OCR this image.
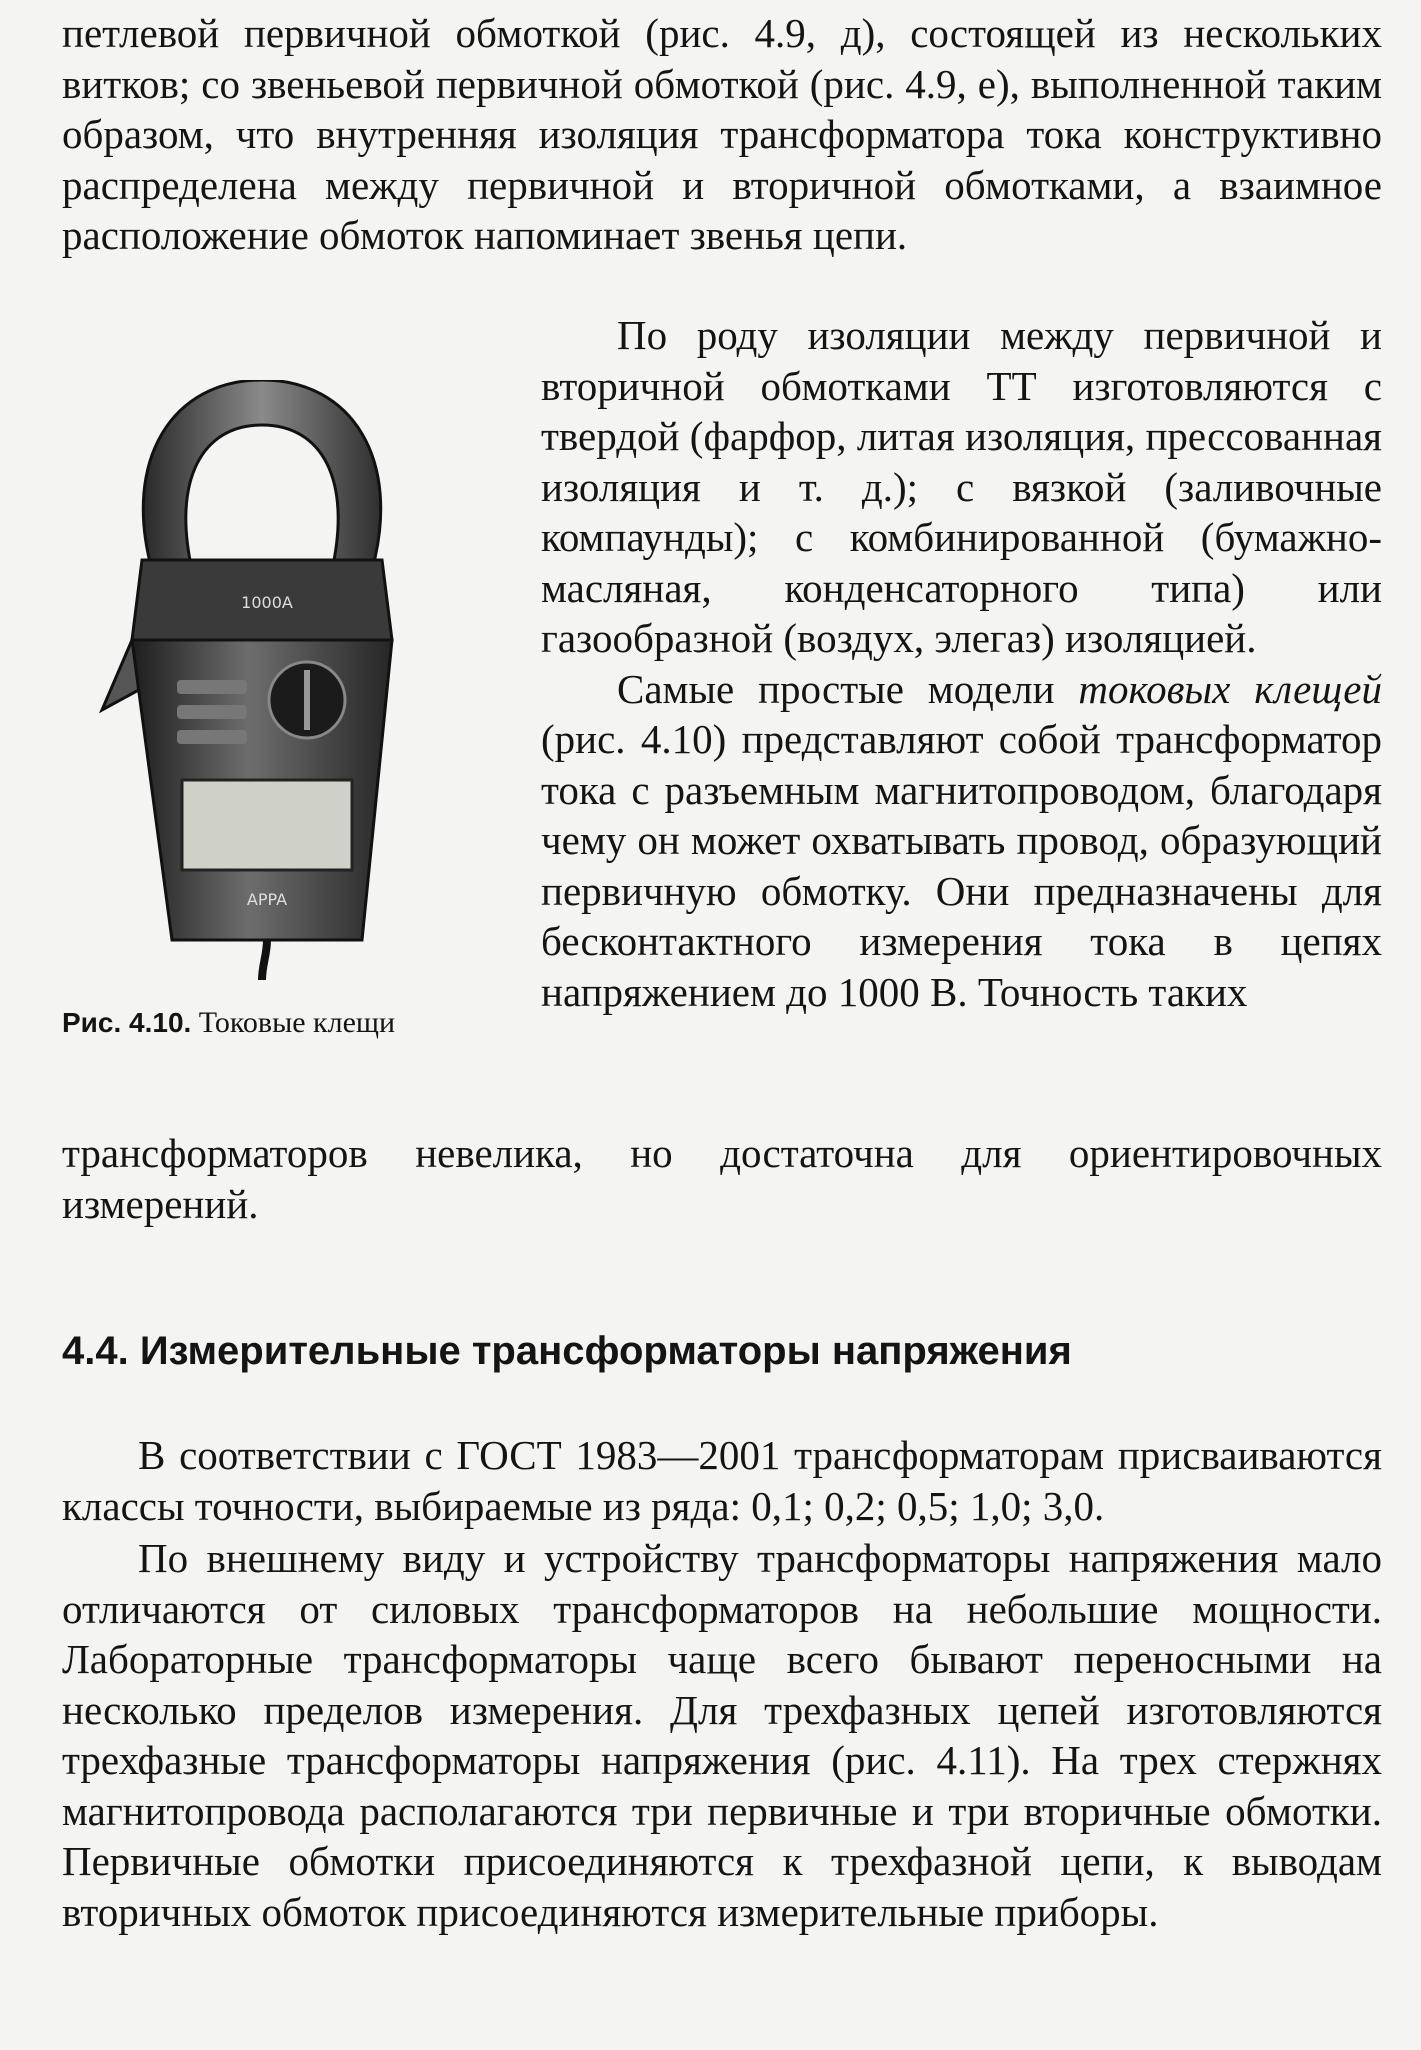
петлевой первичной обмоткой (рис. 4.9, д), состоящей из нескольких витков; со звеньевой первичной обмоткой (рис. 4.9, е), выполненной таким образом, что внутренняя изоляция трансформатора тока конструктивно распределена между первичной и вторичной обмотками, а взаимное расположение обмоток напоминает звенья цепи.

1000A
APPA
Рис. 4.10. Токовые клещи

По роду изоляции между первичной и вторичной обмотками ТТ изготовляются с твердой (фарфор, литая изоляция, прессованная изоляция и т. д.); с вязкой (заливочные компаунды); с комбинированной (бумажно-масляная, конденсаторного типа) или газообразной (воздух, элегаз) изоляцией.

Самые простые модели токовых клещей (рис. 4.10) представляют собой трансформатор тока с разъемным магнитопроводом, благодаря чему он может охватывать провод, образующий первичную обмотку. Они предназначены для бесконтактного измерения тока в цепях напряжением до 1000 В. Точность таких

трансформаторов невелика, но достаточна для ориентировочных измерений.

4.4. Измерительные трансформаторы напряжения

В соответствии с ГОСТ 1983—2001 трансформаторам присваиваются классы точности, выбираемые из ряда: 0,1; 0,2; 0,5; 1,0; 3,0.

По внешнему виду и устройству трансформаторы напряжения мало отличаются от силовых трансформаторов на небольшие мощности. Лабораторные трансформаторы чаще всего бывают переносными на несколько пределов измерения. Для трехфазных цепей изготовляются трехфазные трансформаторы напряжения (рис. 4.11). На трех стержнях магнитопровода располагаются три первичные и три вторичные обмотки. Первичные обмотки присоединяются к трехфазной цепи, к выводам вторичных обмоток присоединяются измерительные приборы.
